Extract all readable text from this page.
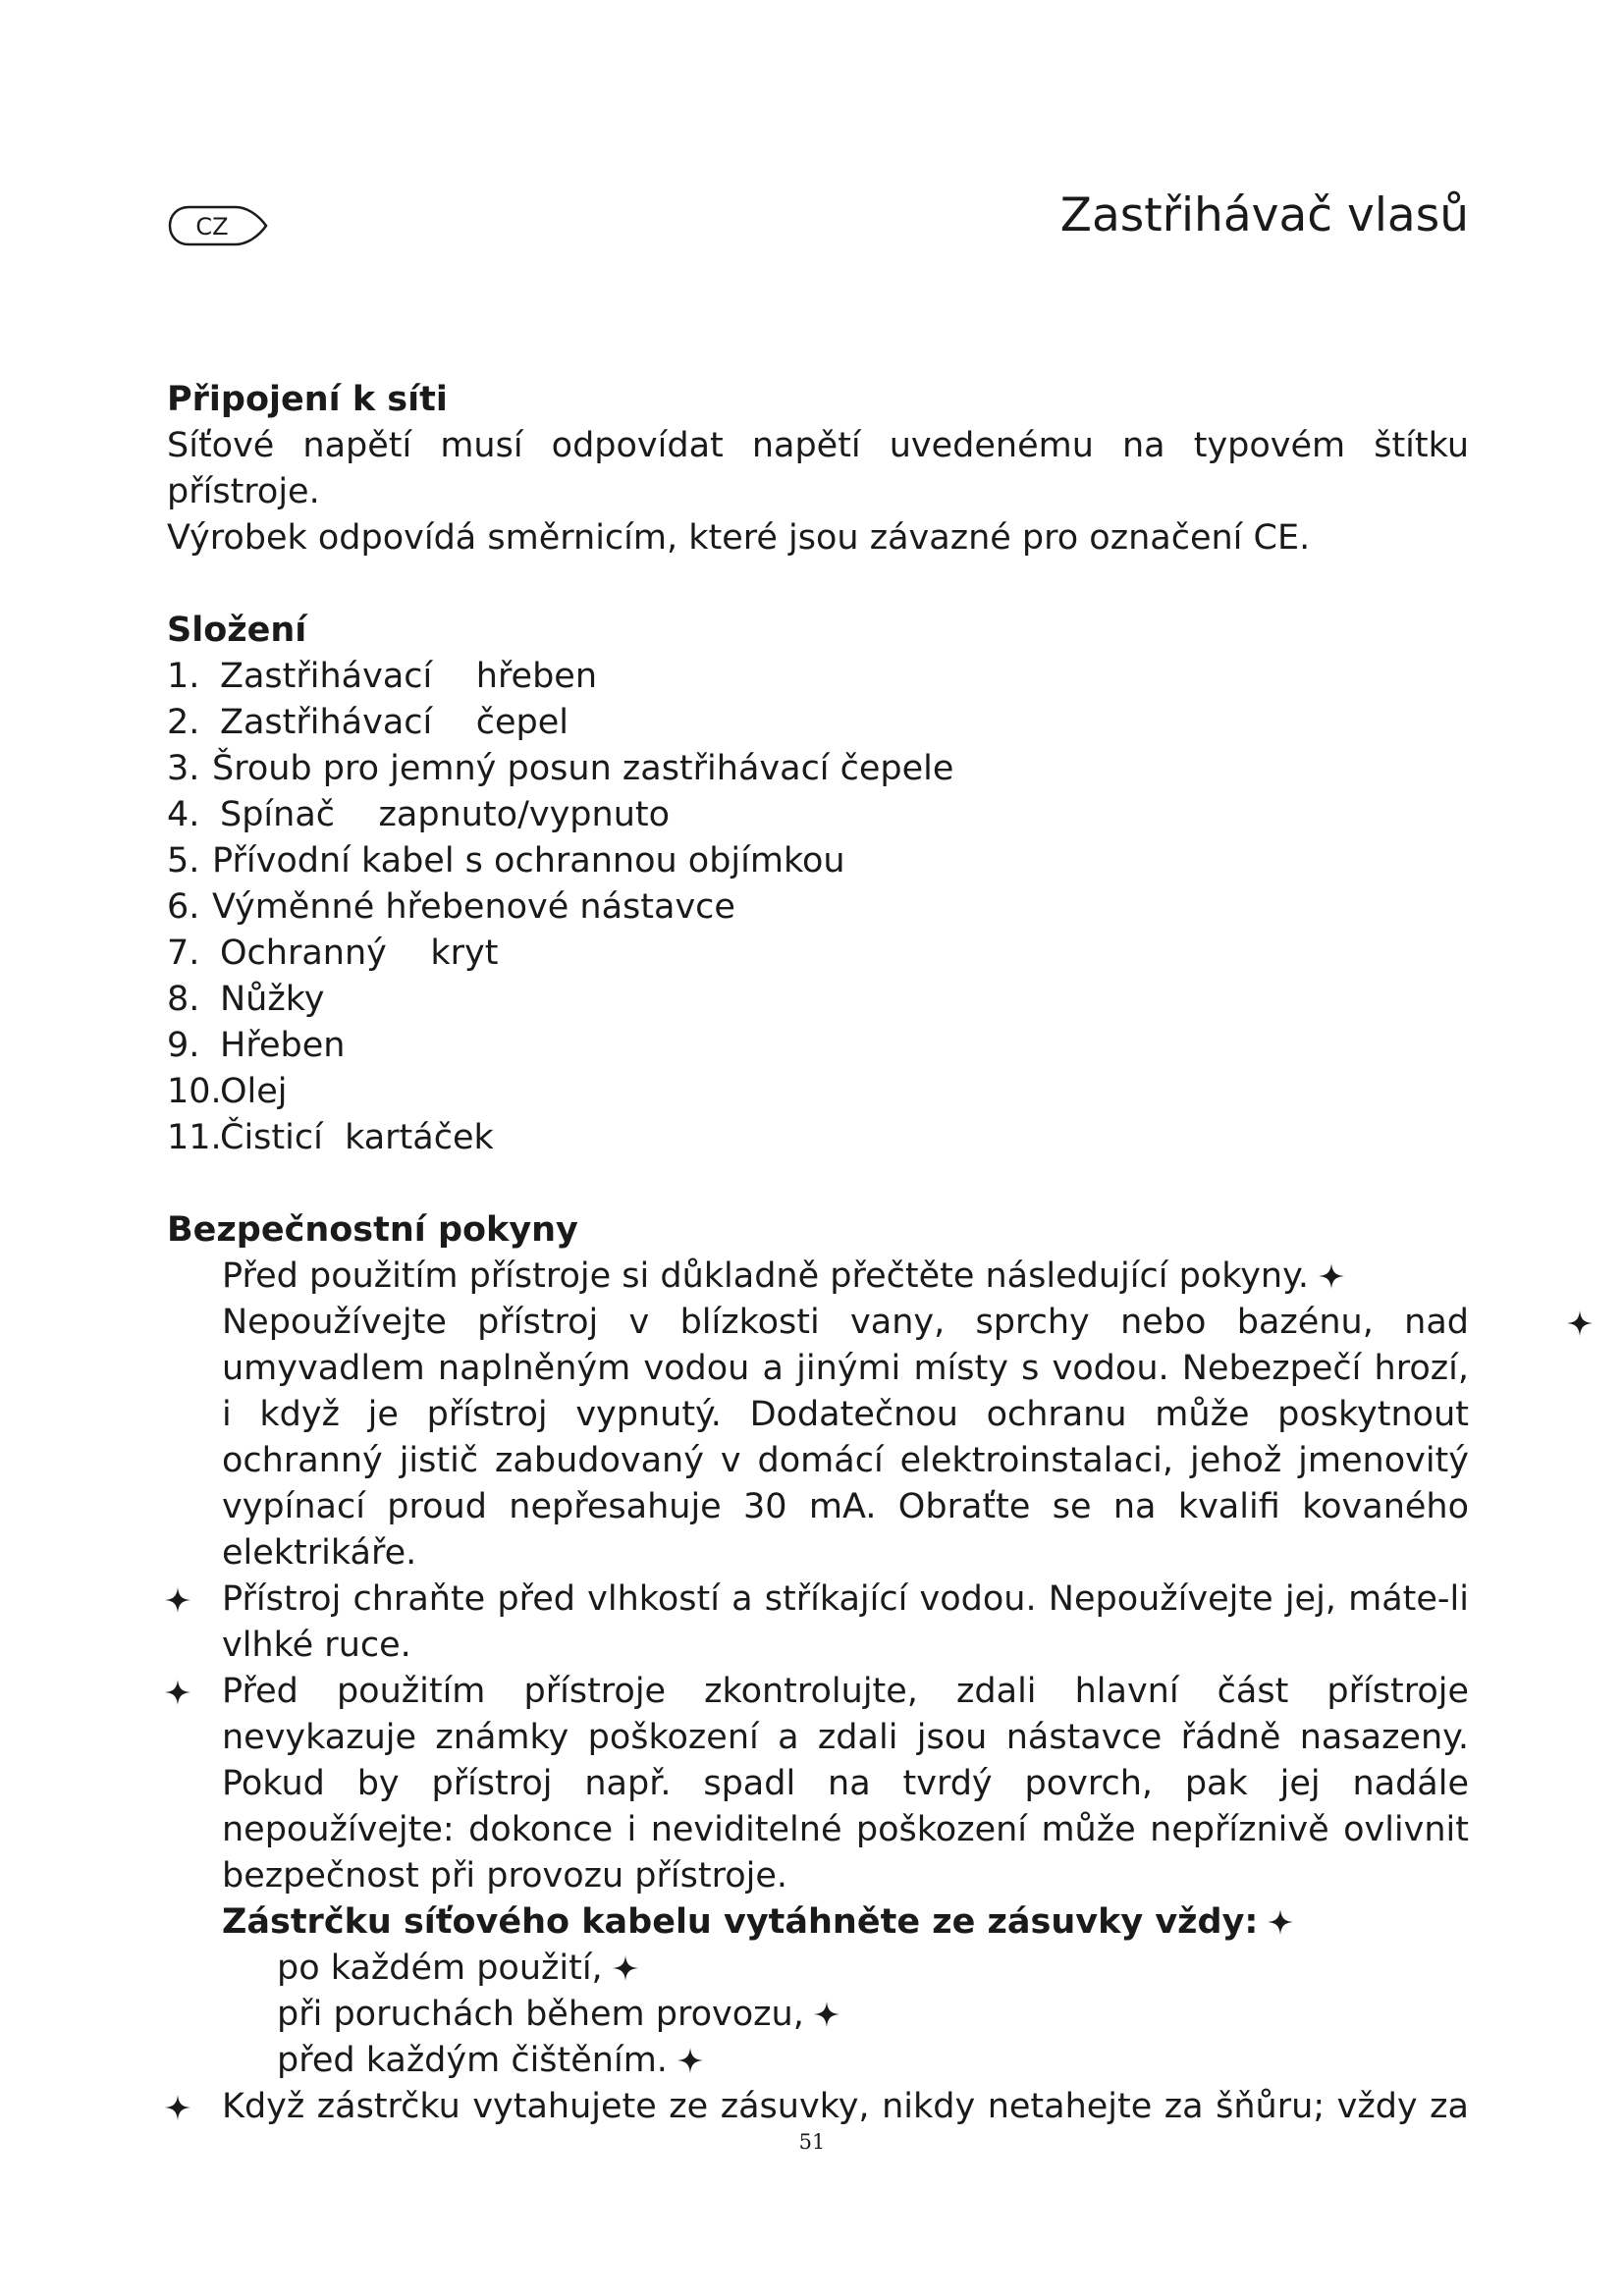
CZ	Zastřihávač vlasů
Připojení k síti

Síťové napětí musí odpovídat napětí uvedenému na typovém štítku přístroje.

Výrobek odpovídá směrnicím, které jsou závazné pro označení CE.

Složení
1. Zastřihávací    hřeben
2. Zastřihávací    čepel
3. Šroub pro jemný posun zastřihávací čepele
4. Spínač    zapnuto/vypnuto
5. Přívodní kabel s ochrannou objímkou
6. Výměnné hřebenové nástavce
7. Ochranný    kryt
8. Nůžky
9. Hřeben
10.
Olej
11.
Čisticí  kartáček
Bezpečnostní pokyny
Před použitím přístroje si důkladně přečtěte následující pokyny.

Nepoužívejte přístroj v blízkosti vany, sprchy nebo bazénu, nad umyvadlem naplněným vodou a jinými místy s vodou. Nebezpečí hrozí, i když je přístroj vypnutý. Dodatečnou ochranu může poskytnout ochranný jistič zabudovaný v domácí elektroinstalaci, jehož jmenovitý vypínací proud nepřesahuje 30 mA. Obraťte se na kvalifi kovaného elektrikáře.

Přístroj chraňte před vlhkostí a stříkající vodou. Nepoužívejte jej, máte-li vlhké ruce.

Před použitím přístroje zkontrolujte, zdali hlavní část přístroje nevykazuje známky poškození a zdali jsou nástavce řádně nasazeny. Pokud by přístroj např. spadl na tvrdý povrch, pak jej nadále nepoužívejte: dokonce i neviditelné poškození může nepříznivě ovlivnit bezpečnost při provozu přístroje.

Zástrčku síťového kabelu vytáhněte ze zásuvky vždy:
po každém použití,
při poruchách během provozu,
před každým čištěním.

Když zástrčku vytahujete ze zásuvky, nikdy netahejte za šňůru; vždy za

51
